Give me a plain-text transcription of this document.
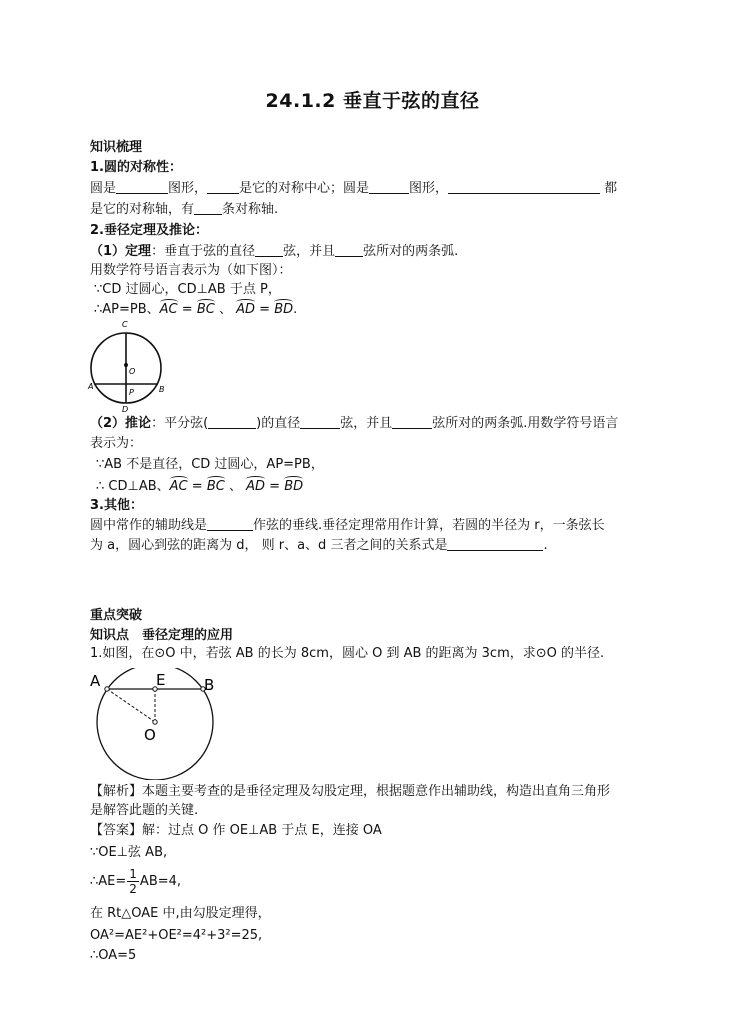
24.1.2 垂直于弦的直径
知识梳理
1.圆的对称性：
圆是	图形， 是它的对称中心；圆是	图形，	都
是它的对称轴，有 条对称轴.
2.垂径定理及推论：
（1）定理：垂直于弦的直径 弦，并且 弦所对的两条弧.
用数学符号语言表示为（如下图）：
∵CD 过圆心，CD⊥AB 于点 P，
∴AP=PB、AC = BC 、 AD = BD.
C
O
A
P	B
D
（2）推论：平分弦(	)的直径	弦，并且	弦所对的两条弧.用数学符号语言
表示为：
∵AB 不是直径，CD 过圆心，AP=PB，
∴ CD⊥AB、AC = BC 、 AD = BD
3.其他：
圆中常作的辅助线是	作弦的垂线.垂径定理常用作计算，若圆的半径为 r，一条弦长
为 a，圆心到弦的距离为 d， 则 r、a、d 三者之间的关系式是	.
重点突破
知识点　垂径定理的应用
1.如图，在⊙O 中，若弦 AB 的长为 8cm，圆心 O 到 AB 的距离为 3cm，求⊙O 的半径.
A	E	B
O
【解析】本题主要考查的是垂径定理及勾股定理，根据题意作出辅助线，构造出直角三角形
是解答此题的关键.
【答案】解：过点 O 作 OE⊥AB 于点 E，连接 OA
∵OE⊥弦 AB,
∴AE= $\frac{1}{2} AB=4$,
在 Rt△OAE 中,由勾股定理得，
OA²=AE²+OE²=4²+3²=25,
∴OA=5
